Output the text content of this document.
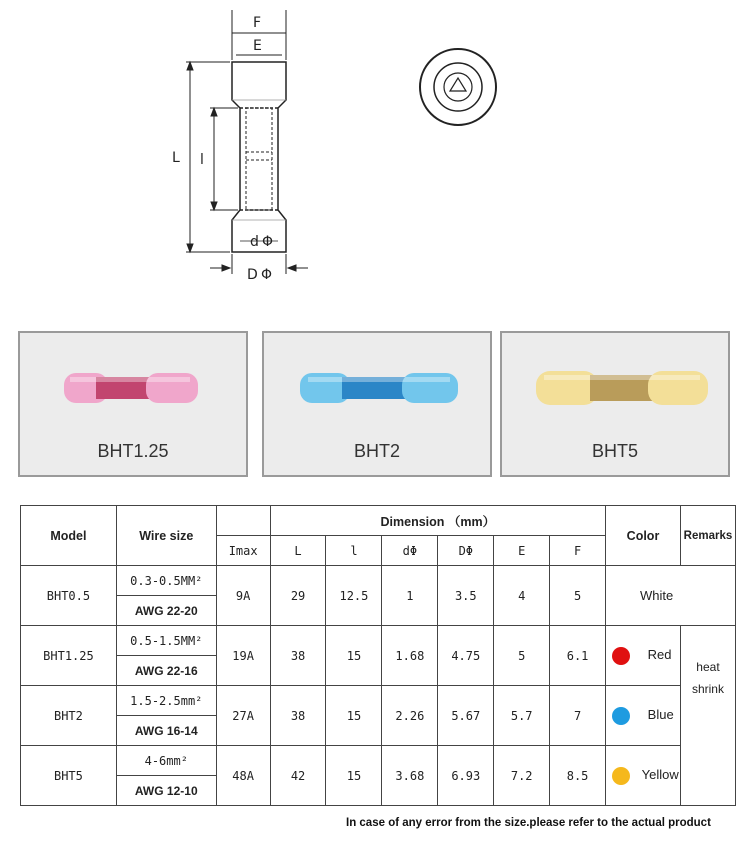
F
E
L l
d Φ
D Φ
BHT1.25	BHT2	BHT5
Model	Wire size		Dimension （mm）						Color	Remarks
		Imax	L	l	dΦ	DΦ	E	F		
BHT0.5	0.3-0.5MM²	9A	29	12.5	1	3.5	4	5	White	
	AWG 22-20									
BHT1.25	0.5-1.5MM²	19A	38	15	1.68	4.75	5	6.1	Red	heat
shrink

	AWG 22-16									
BHT2	1.5-2.5mm²	27A	38	15	2.26	5.67	5.7	7	Blue	
	AWG 16-14									
BHT5	4-6mm²	48A	42	15	3.68	6.93	7.2	8.5	Yellow	
	AWG 12-10									
In case of any error from the size.please refer to the actual product
